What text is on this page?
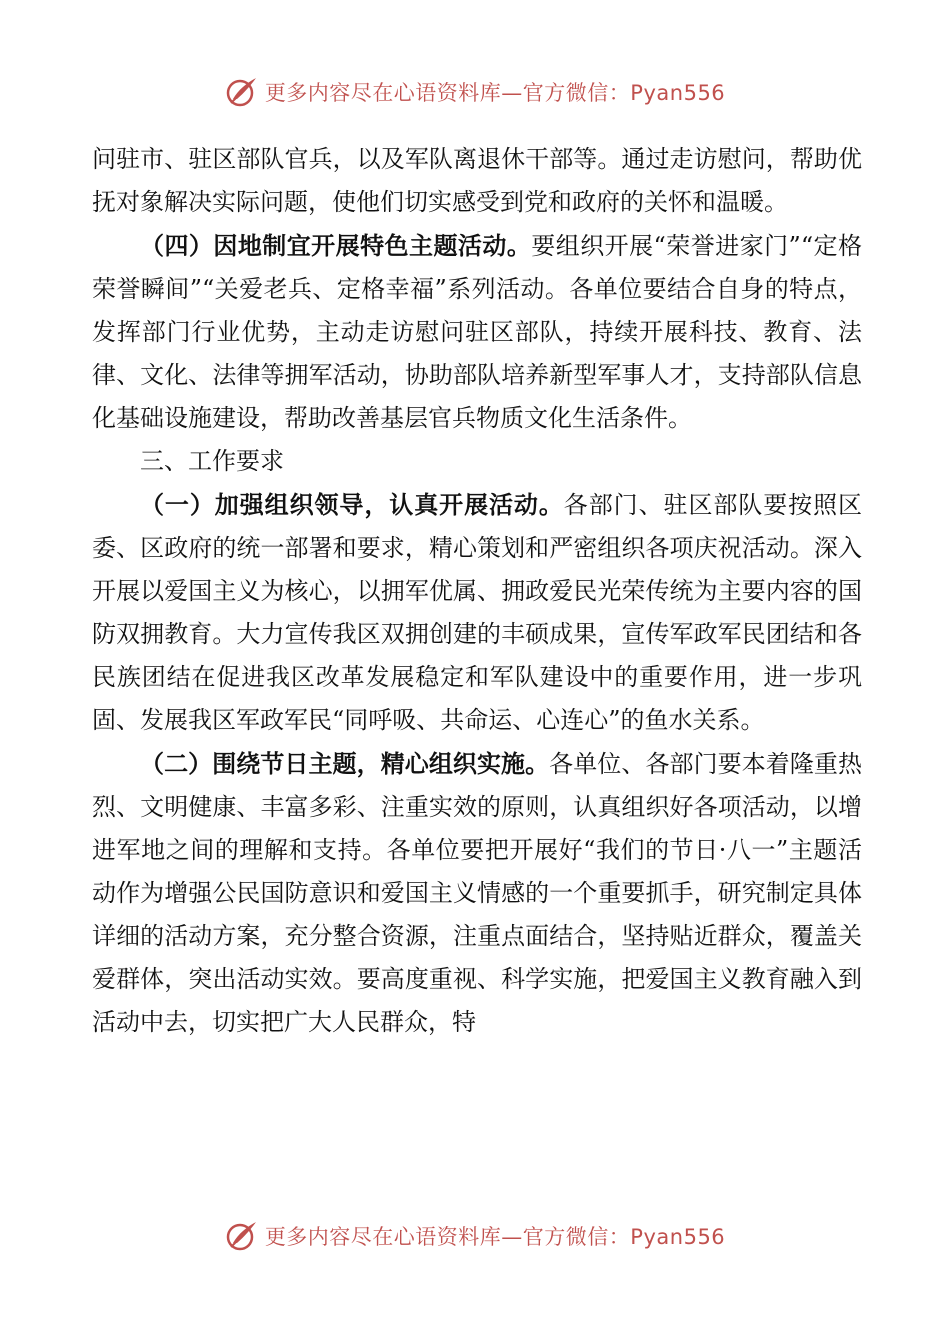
更多内容尽在心语资料库—官方微信：Pyan556

问驻市、驻区部队官兵，以及军队离退休干部等。通过走访慰问，帮助优抚对象解决实际问题，使他们切实感受到党和政府的关怀和温暖。

（四）因地制宜开展特色主题活动。要组织开展“荣誉进家门”“定格荣誉瞬间”“关爱老兵、定格幸福”系列活动。各单位要结合自身的特点，发挥部门行业优势，主动走访慰问驻区部队，持续开展科技、教育、法律、文化、法律等拥军活动，协助部队培养新型军事人才，支持部队信息化基础设施建设，帮助改善基层官兵物质文化生活条件。

三、工作要求

（一）加强组织领导，认真开展活动。各部门、驻区部队要按照区委、区政府的统一部署和要求，精心策划和严密组织各项庆祝活动。深入开展以爱国主义为核心，以拥军优属、拥政爱民光荣传统为主要内容的国防双拥教育。大力宣传我区双拥创建的丰硕成果，宣传军政军民团结和各民族团结在促进我区改革发展稳定和军队建设中的重要作用，进一步巩固、发展我区军政军民“同呼吸、共命运、心连心”的鱼水关系。

（二）围绕节日主题，精心组织实施。各单位、各部门要本着隆重热烈、文明健康、丰富多彩、注重实效的原则，认真组织好各项活动，以增进军地之间的理解和支持。各单位要把开展好“我们的节日·八一”主题活动作为增强公民国防意识和爱国主义情感的一个重要抓手，研究制定具体详细的活动方案，充分整合资源，注重点面结合，坚持贴近群众，覆盖关爱群体，突出活动实效。要高度重视、科学实施，把爱国主义教育融入到活动中去，切实把广大人民群众，特

更多内容尽在心语资料库—官方微信：Pyan556
